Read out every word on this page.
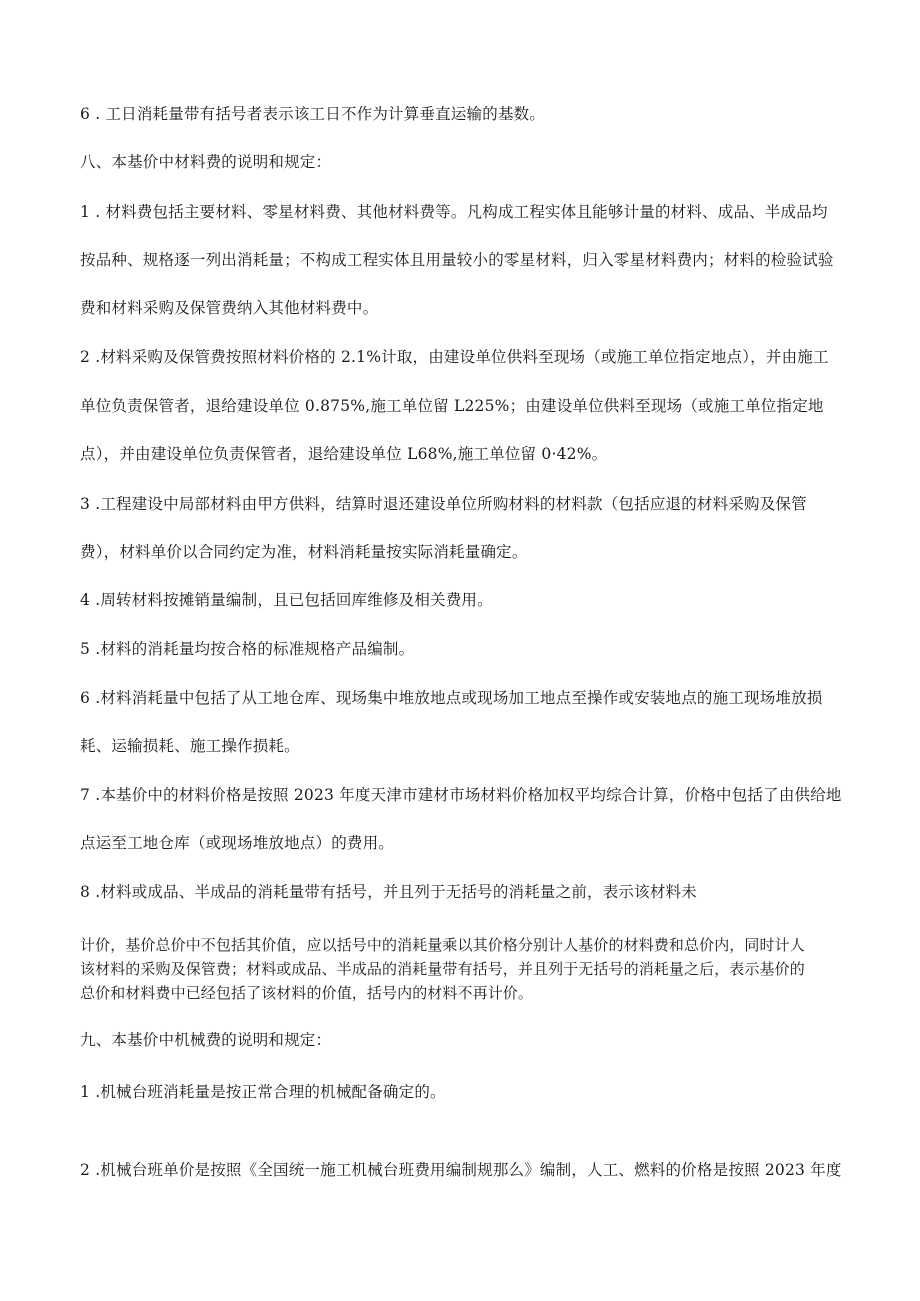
6 . 工日消耗量带有括号者表示该工日不作为计算垂直运输的基数。
八、本基价中材料费的说明和规定：
1 . 材料费包括主要材料、零星材料费、其他材料费等。凡构成工程实体且能够计量的材料、成品、半成品均
按品种、规格逐一列出消耗量；不构成工程实体且用量较小的零星材料，归入零星材料费内；材料的检验试验
费和材料采购及保管费纳入其他材料费中。
2 .材料采购及保管费按照材料价格的 2.1%计取，由建设单位供料至现场（或施工单位指定地点），并由施工
单位负责保管者，退给建设单位 0.875%,施工单位留 L225%；由建设单位供料至现场（或施工单位指定地
点），并由建设单位负责保管者，退给建设单位 L68%,施工单位留 0·42%。
3 .工程建设中局部材料由甲方供料，结算时退还建设单位所购材料的材料款（包括应退的材料采购及保管
费），材料单价以合同约定为准，材料消耗量按实际消耗量确定。
4 .周转材料按摊销量编制，且已包括回库维修及相关费用。
5 .材料的消耗量均按合格的标准规格产品编制。
6 .材料消耗量中包括了从工地仓库、现场集中堆放地点或现场加工地点至操作或安装地点的施工现场堆放损
耗、运输损耗、施工操作损耗。
7 .本基价中的材料价格是按照 2023 年度天津市建材市场材料价格加权平均综合计算，价格中包括了由供给地
点运至工地仓库（或现场堆放地点）的费用。
8 .材料或成品、半成品的消耗量带有括号，并且列于无括号的消耗量之前，表示该材料未
计价，基价总价中不包括其价值，应以括号中的消耗量乘以其价格分别计人基价的材料费和总价内，同时计人
该材料的采购及保管费；材料或成品、半成品的消耗量带有括号，并且列于无括号的消耗量之后，表示基价的
总价和材料费中已经包括了该材料的价值，括号内的材料不再计价。
九、本基价中机械费的说明和规定：
1 .机械台班消耗量是按正常合理的机械配备确定的。
2 .机械台班单价是按照《全国统一施工机械台班费用编制规那么》编制，人工、燃料的价格是按照 2023 年度
